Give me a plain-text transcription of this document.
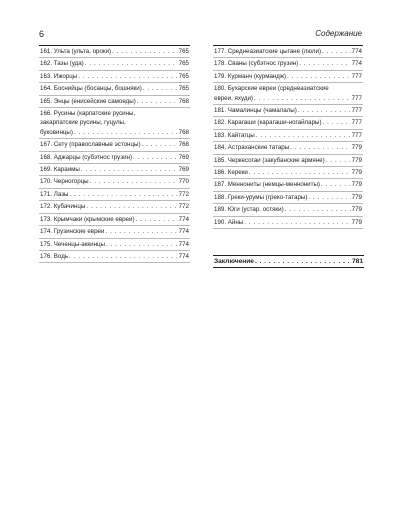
6	Содержание
161. Ульта (ульта, ороки) . . .	765
162. Тазы (уда) . . .	765
163. Ижорцы . . .	765
164. Боснийцы (босанцы, бошняки) . . .	765
165. Энцы (енисейские самоеды) . . .	768
166. Русины (карпатские русины,
закарпатские русины, гуцулы,
буковинцы) . . .	768
167. Сету (православные эстонцы) . . .	768
168. Аджарцы (субэтнос грузин) . . .	769
169. Караимы . . .	769
170. Черногорцы . . .	770
171. Лазы . . .	772
172. Кубачинцы . . .	772
173. Крымчаки (крымские евреи) . . .	774
174. Грузинские евреи . . .	774
175. Чеченцы-аккинцы . . .	774
176. Водь . . .	774
177. Среднеазиатские цыгане (люли) . . .	774
178. Сваны (субэтнос грузин) . . .	774
179. Курманч (курмандж) . . .	777
180. Бухарские евреи (среднеазиатские
евреи, яхуди) . . .	777
181. Чамалинцы (чамалалы) . . .	777
182. Карагаши (карагаши-ногайлары) . . .	777
183. Кайтагцы . . .	777
184. Астраханские татары . . .	779
185. Черкесогаи (закубанские армяне) . . .	779
186. Кереки . . .	779
187. Меннониты (немцы-меннониты) . . .	779
188. Греки-урумы (греко-татары) . . .	779
189. Юги (устар. остяки) . . .	779
190. Айны . . .	779
Заключение . . .	781
